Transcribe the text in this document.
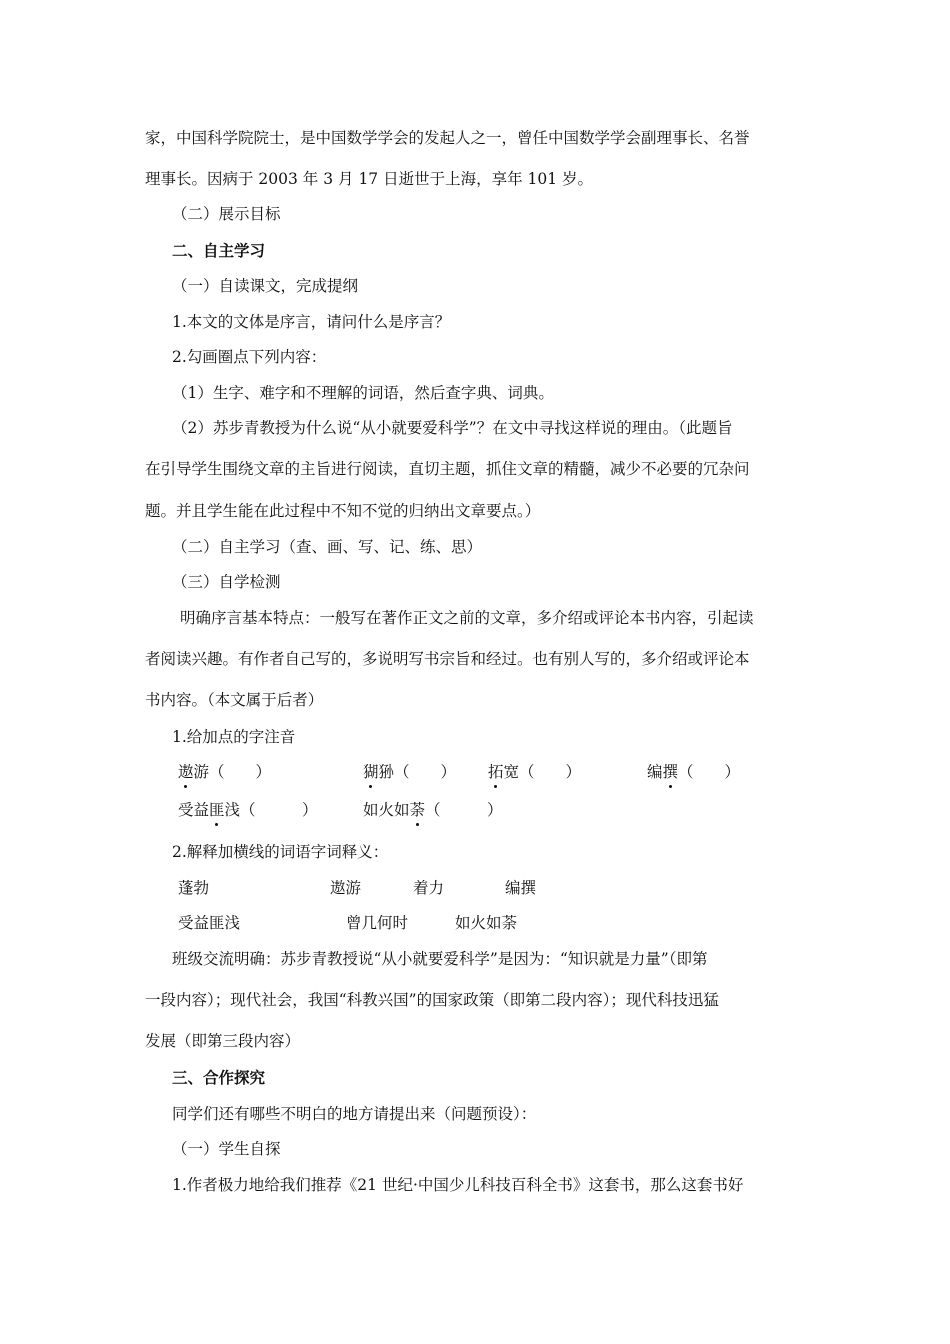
家，中国科学院院士，是中国数学学会的发起人之一，曾任中国数学学会副理事长、名誉
理事长。因病于 2003 年 3 月 17 日逝世于上海，享年 101 岁。
（二）展示目标
二、自主学习
（一）自读课文，完成提纲
1.本文的文体是序言，请问什么是序言？
2.勾画圈点下列内容：
（1）生字、难字和不理解的词语，然后查字典、词典。
（2）苏步青教授为什么说“从小就要爱科学”？在文中寻找这样说的理由。（此题旨
在引导学生围绕文章的主旨进行阅读，直切主题，抓住文章的精髓，减少不必要的冗杂问
题。并且学生能在此过程中不知不觉的归纳出文章要点。）
（二）自主学习（查、画、写、记、练、思）
（三）自学检测
明确序言基本特点：一般写在著作正文之前的文章，多介绍或评论本书内容，引起读
者阅读兴趣。有作者自己写的，多说明写书宗旨和经过。也有别人写的，多介绍或评论本
书内容。（本文属于后者）
1.给加点的字注音
遨游（　　）	猢狲（　　） 拓宽（　　）	编撰（　　）
受益匪浅（　　　）	如火如荼（　　　）
2.解释加横线的词语字词释义：
蓬勃	遨游	着力	编撰
受益匪浅	曾几何时	如火如荼
班级交流明确：苏步青教授说“从小就要爱科学”是因为：“知识就是力量”（即第
一段内容）；现代社会，我国“科教兴国”的国家政策（即第二段内容）；现代科技迅猛
发展（即第三段内容）
三、合作探究
同学们还有哪些不明白的地方请提出来（问题预设）：
（一）学生自探
1.作者极力地给我们推荐《21 世纪·中国少儿科技百科全书》这套书，那么这套书好
